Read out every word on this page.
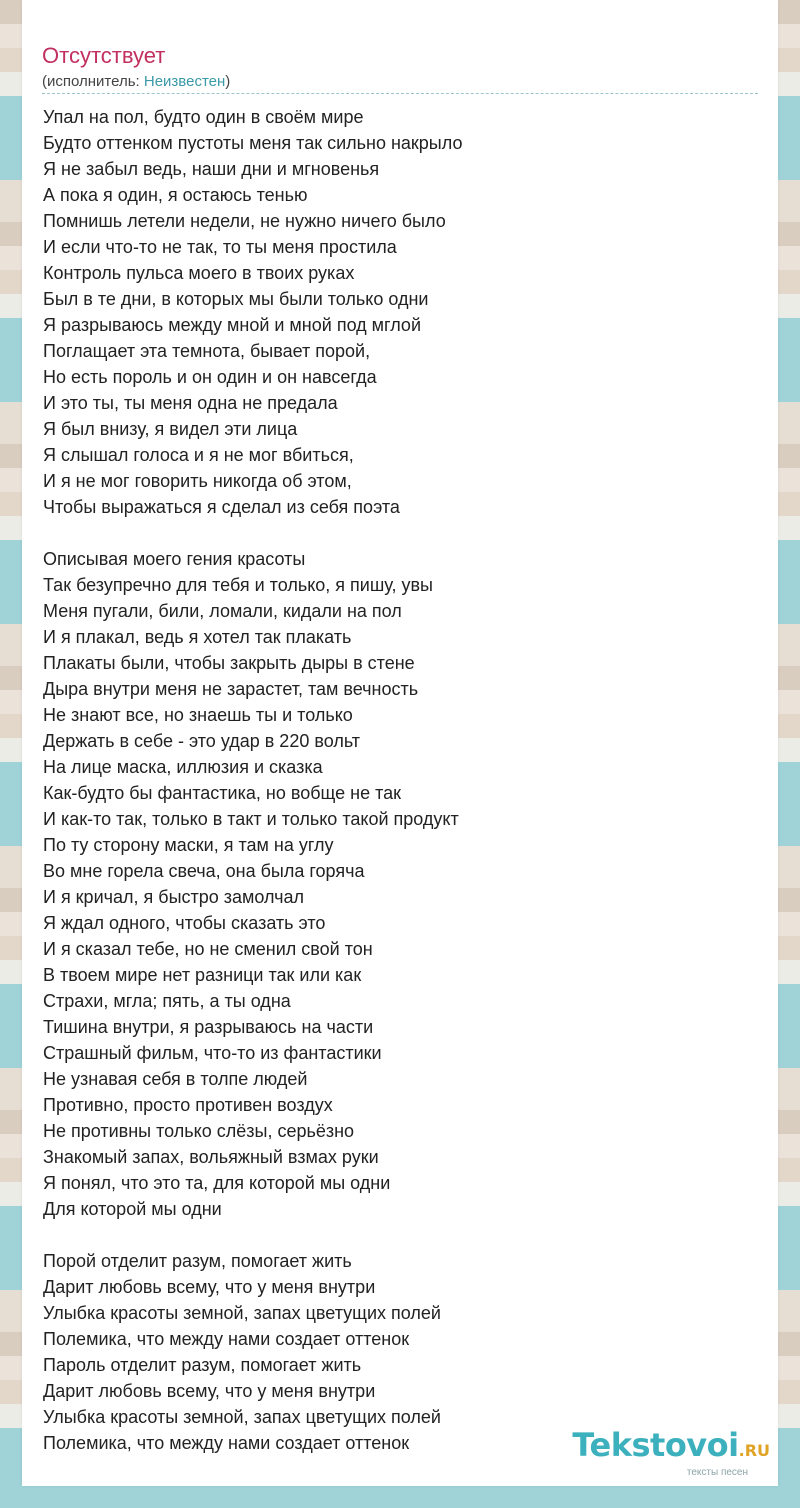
Отсутствует
(исполнитель: Неизвестен)
Упал на пол, будто один в своём мире
Будто оттенком пустоты меня так сильно накрыло
Я не забыл ведь, наши дни и мгновенья
А пока я один, я остаюсь тенью
Помнишь летели недели, не нужно ничего было
И если что-то не так, то ты меня простила
Контроль пульса моего в твоих руках
Был в те дни, в которых мы были только одни
Я разрываюсь между мной и мной под мглой
Поглащает эта темнота, бывает порой,
Но есть пороль и он один и он навсегда
И это ты, ты меня одна не предала
Я был внизу, я видел эти лица
Я слышал голоса и я не мог вбиться,
И я не мог говорить никогда об этом,
Чтобы выражаться я сделал из себя поэта
Описывая моего гения красоты
Так безупречно для тебя и только, я пишу, увы
Меня пугали, били, ломали, кидали на пол
И я плакал, ведь я хотел так плакать
Плакаты были, чтобы закрыть дыры в стене
Дыра внутри меня не зарастет, там вечность
Не знают все, но знаешь ты и только
Держать в себе - это удар в 220 вольт
На лице маска, иллюзия и сказка
Как-будто бы фантастика, но вобще не так
И как-то так, только в такт и только такой продукт
По ту сторону маски, я там на углу
Во мне горела свеча, она была горяча
И я кричал, я быстро замолчал
Я ждал одного, чтобы сказать это
И я сказал тебе, но не сменил свой тон
В твоем мире нет разници так или как
Страхи, мгла; пять, а ты одна
Тишина внутри, я разрываюсь на части
Страшный фильм, что-то из фантастики
Не узнавая себя в толпе людей
Противно, просто противен воздух
Не противны только слёзы, серьёзно
Знакомый запах, вольяжный взмах руки
Я понял, что это та, для которой мы одни
Для которой мы одни
Порой отделит разум, помогает жить
Дарит любовь всему, что у меня внутри
Улыбка красоты земной, запах цветущих полей
Полемика, что между нами создает оттенок
Пароль отделит разум, помогает жить
Дарит любовь всему, что у меня внутри
Улыбка красоты земной, запах цветущих полей
Полемика, что между нами создает оттенок	Tekstovoi.RU
тексты песен
